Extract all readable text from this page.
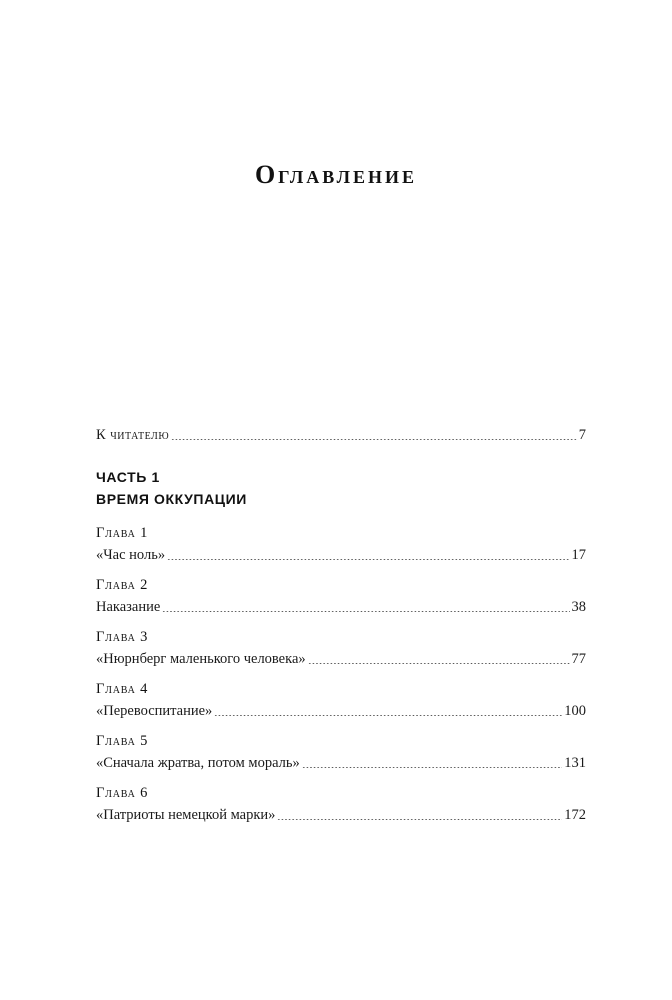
Оглавление
К читателю	7
ЧАСТЬ 1
ВРЕМЯ ОККУПАЦИИ
Глава 1
«Час ноль»	17
Глава 2
Наказание	38
Глава 3
«Нюрнберг маленького человека»	77
Глава 4
«Перевоспитание»	100
Глава 5
«Сначала жратва, потом мораль»	131
Глава 6
«Патриоты немецкой марки»	172
